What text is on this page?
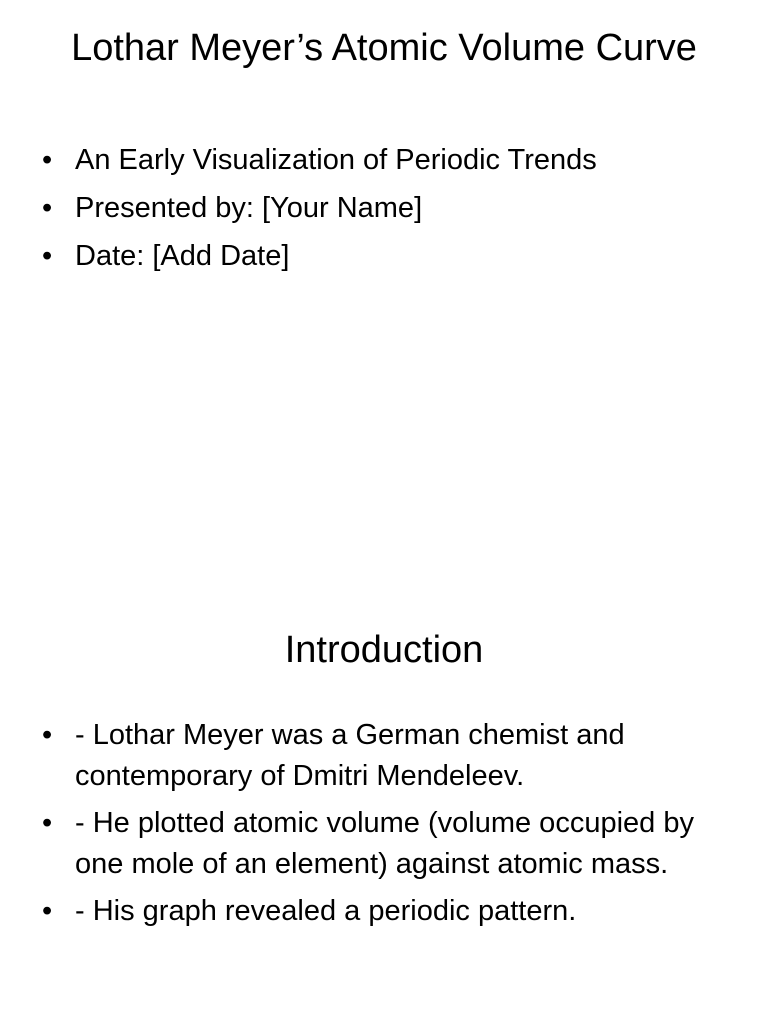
Lothar Meyer’s Atomic Volume Curve
• An Early Visualization of Periodic Trends
• Presented by: [Your Name]
• Date: [Add Date]
Introduction
• - Lothar Meyer was a German chemist and contemporary of Dmitri Mendeleev.
• - He plotted atomic volume (volume occupied by one mole of an element) against atomic mass.
• - His graph revealed a periodic pattern.
